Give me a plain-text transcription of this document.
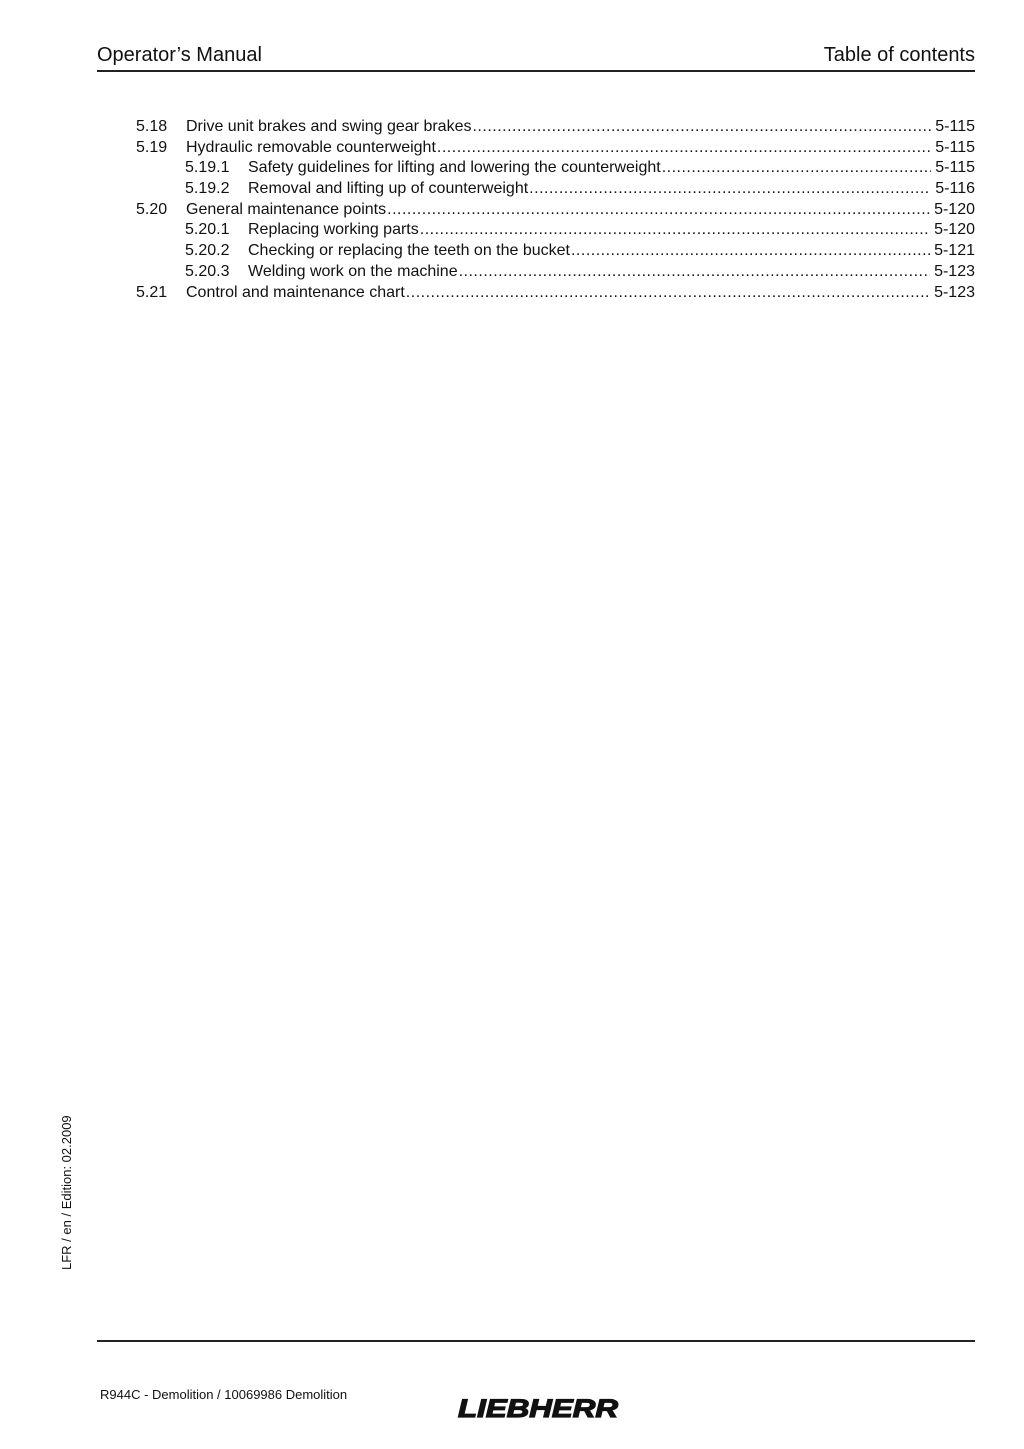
Operator’s Manual	Table of contents
5.18	Drive unit brakes and swing gear brakes .....	5-115
5.19	Hydraulic removable counterweight .....	5-115
5.19.1	Safety guidelines for lifting and lowering the counterweight .....	5-115
5.19.2	Removal and lifting up of counterweight .....	5-116
5.20	General maintenance points .....	5-120
5.20.1	Replacing working parts .....	5-120
5.20.2	Checking or replacing the teeth on the bucket .....	5-121
5.20.3	Welding work on the machine .....	5-123
5.21	Control and maintenance chart .....	5-123
LFR / en / Edition: 02.2009
R944C - Demolition / 10069986 Demolition
LIEBHERR
